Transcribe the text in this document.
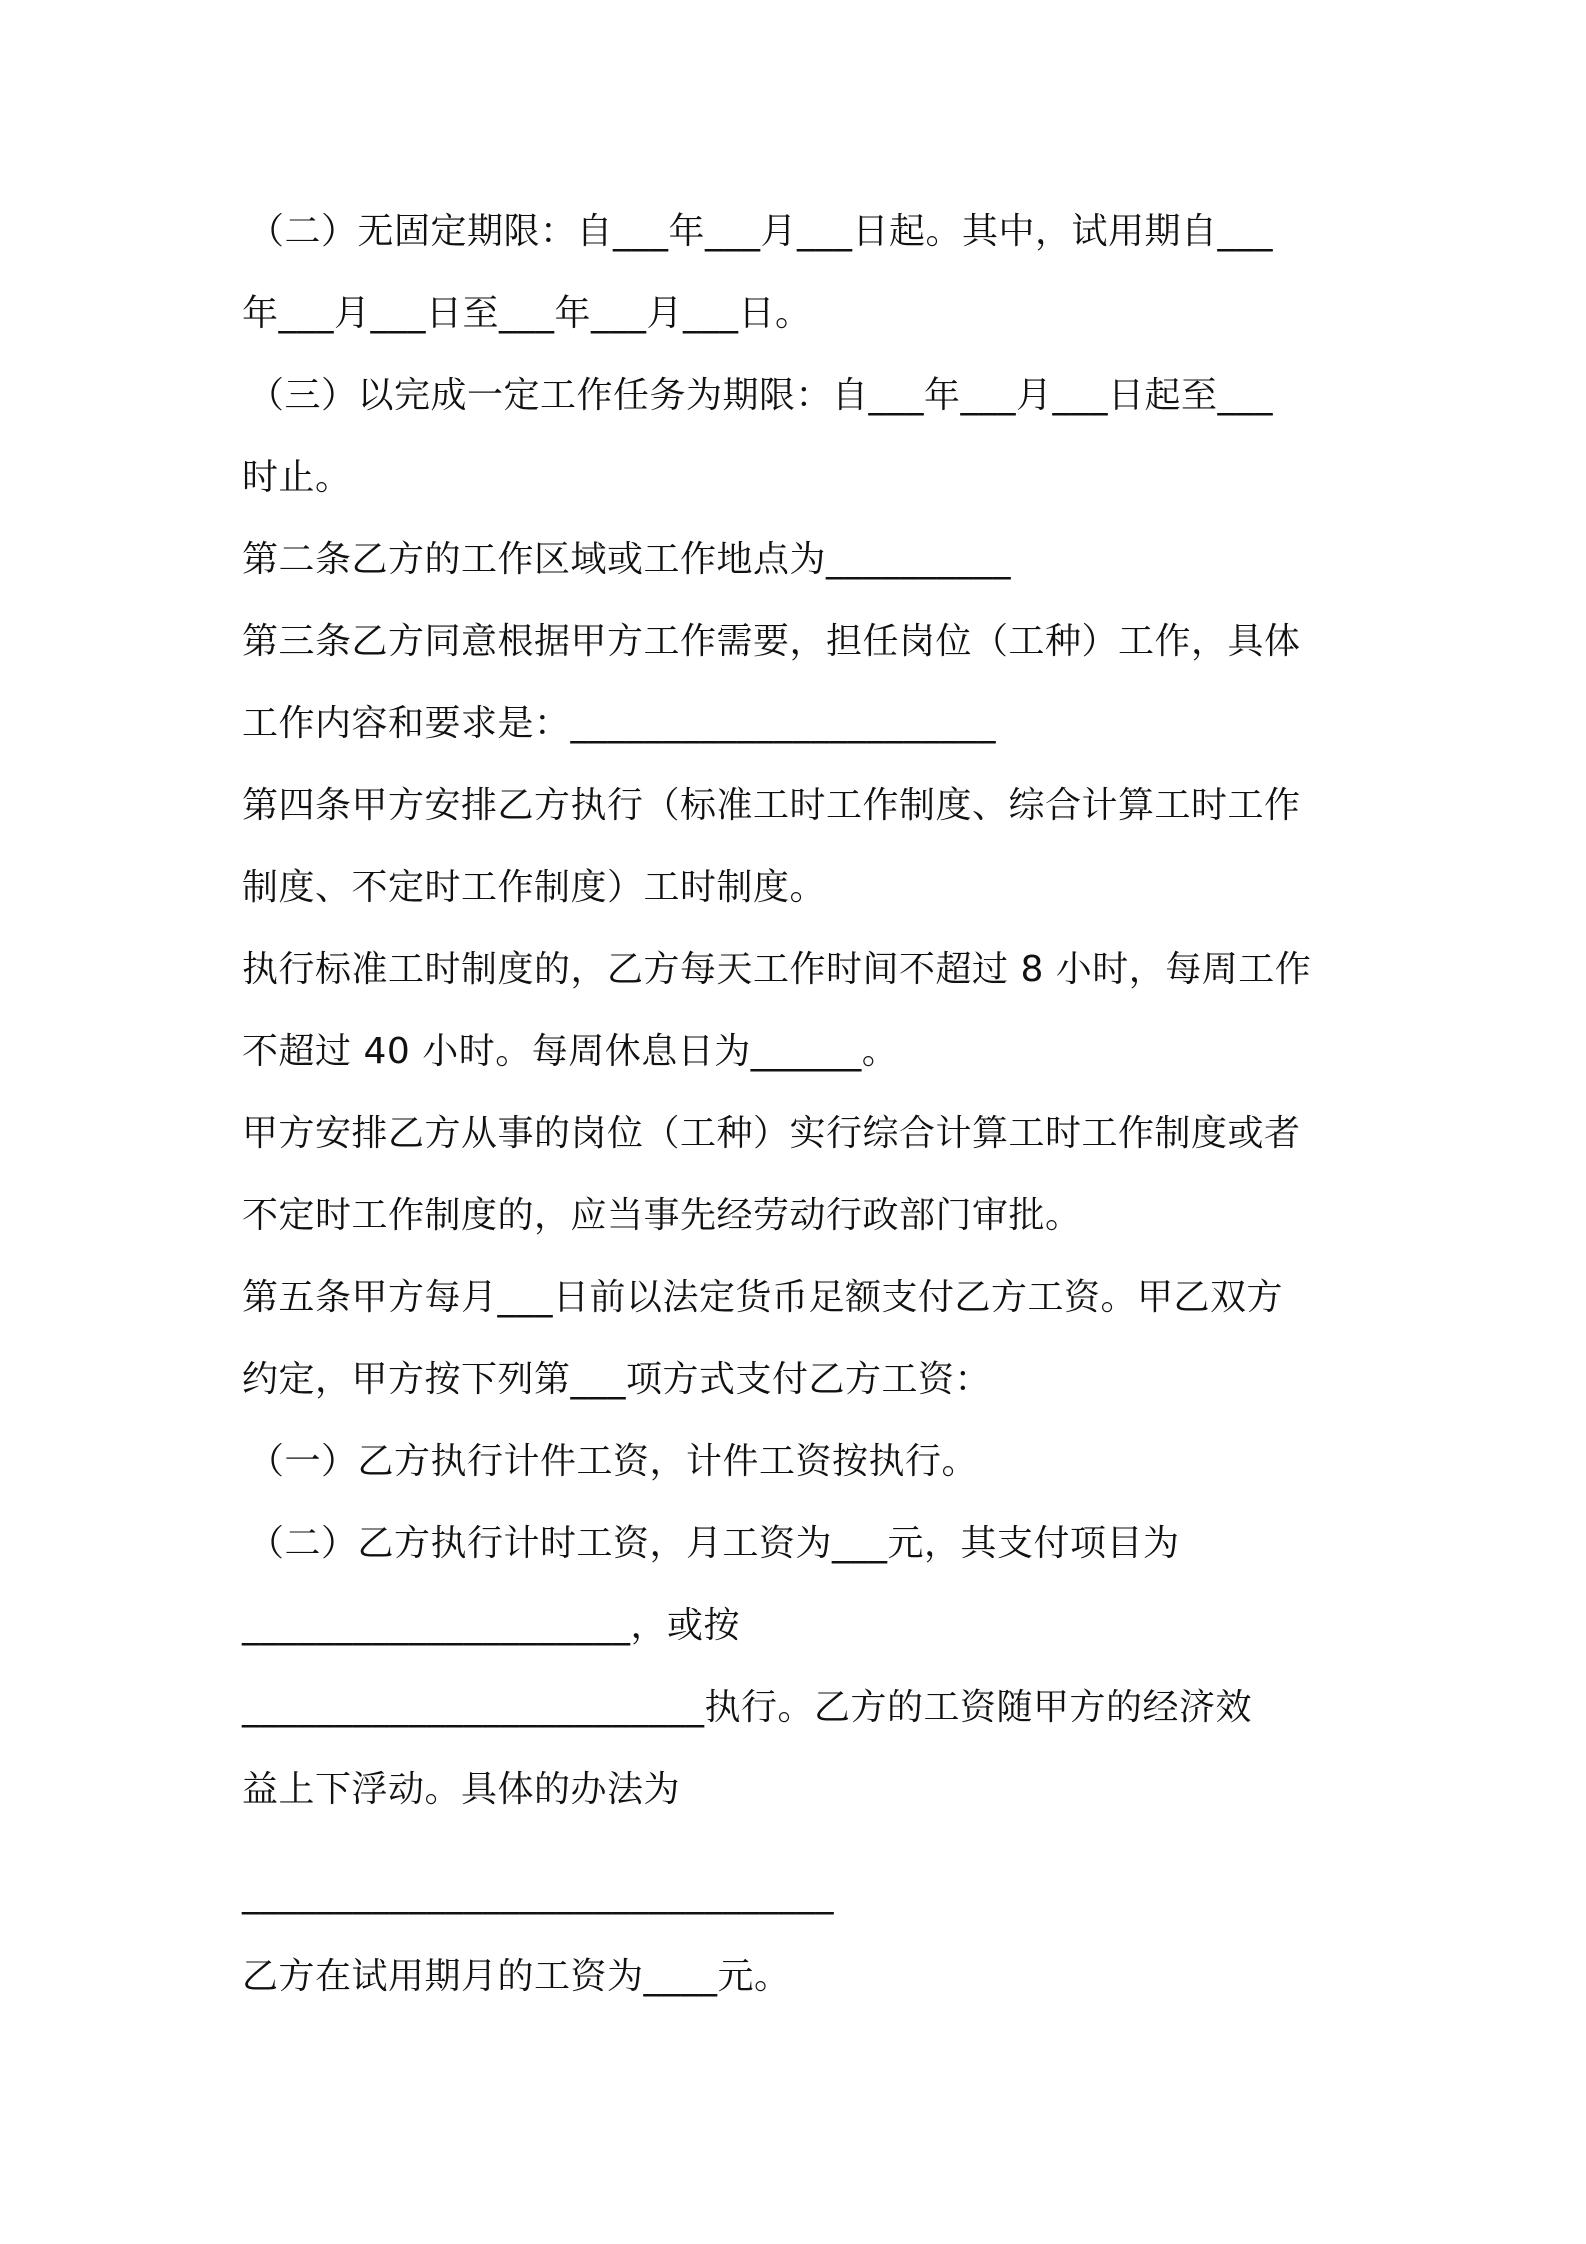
（二）无固定期限：自___年___月___日起。其中，试用期自___
年___月___日至___年___月___日。
（三）以完成一定工作任务为期限：自___年___月___日起至___
时止。
第二条乙方的工作区域或工作地点为__________
第三条乙方同意根据甲方工作需要，担任岗位（工种）工作，具体
工作内容和要求是：_______________________
第四条甲方安排乙方执行（标准工时工作制度、综合计算工时工作
制度、不定时工作制度）工时制度。
执行标准工时制度的，乙方每天工作时间不超过 8 小时，每周工作
不超过 40 小时。每周休息日为______。
甲方安排乙方从事的岗位（工种）实行综合计算工时工作制度或者
不定时工作制度的，应当事先经劳动行政部门审批。
第五条甲方每月___日前以法定货币足额支付乙方工资。甲乙双方
约定，甲方按下列第___项方式支付乙方工资：
（一）乙方执行计件工资，计件工资按执行。
（二）乙方执行计时工资，月工资为___元，其支付项目为
_____________________，或按
_________________________执行。乙方的工资随甲方的经济效
益上下浮动。具体的办法为
________________________________
乙方在试用期月的工资为____元。
